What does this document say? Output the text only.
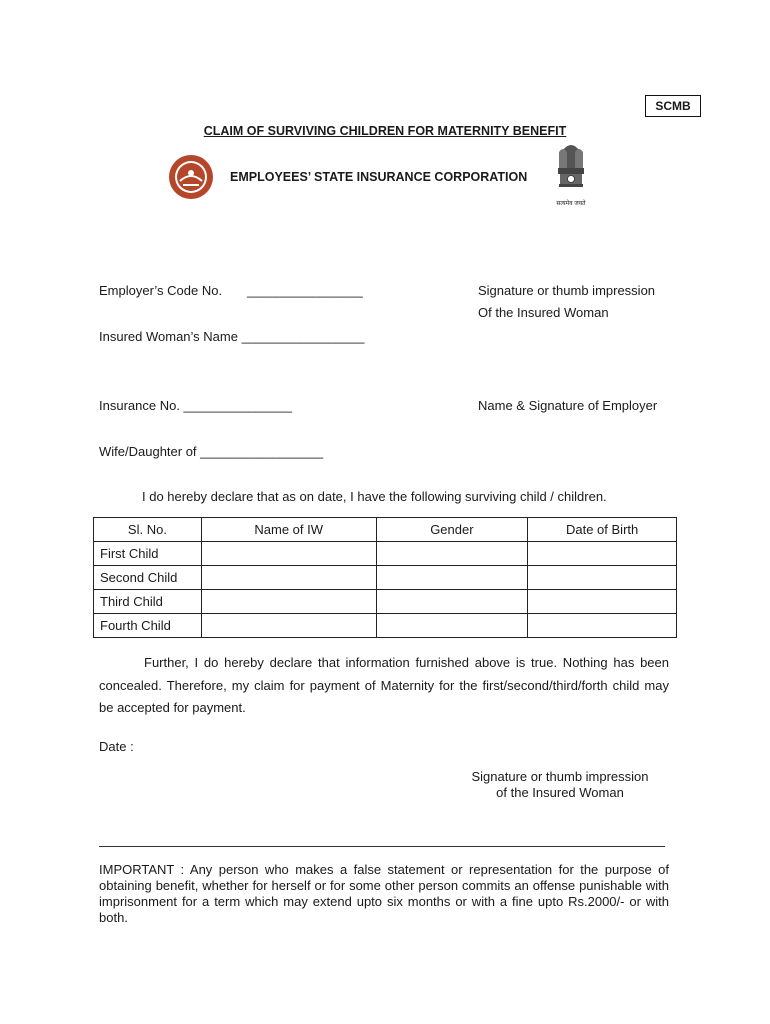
SCMB
CLAIM OF SURVIVING CHILDREN FOR MATERNITY BENEFIT
EMPLOYEES’ STATE INSURANCE CORPORATION
सत्यमेव जयते
Employer’s Code No. ________________	Signature or thumb impression
Of the Insured Woman
Insured Woman’s Name _________________
Insurance No. _______________	Name & Signature of Employer
Wife/Daughter of _________________
I do hereby declare that as on date, I have the following surviving child / children.
Sl. No.	Name of IW	Gender	Date of Birth
First Child			
Second Child			
Third Child			
Fourth Child			
Further, I do hereby declare that information furnished above is true. Nothing has been concealed. Therefore, my claim for payment of Maternity for the first/second/third/forth child may be accepted for payment.
Date :
Signature or thumb impression
of the Insured Woman
IMPORTANT : Any person who makes a false statement or representation for the purpose of obtaining benefit, whether for herself or for some other person commits an offense punishable with imprisonment for a term which may extend upto six months or with a fine upto Rs.2000/- or with both.
